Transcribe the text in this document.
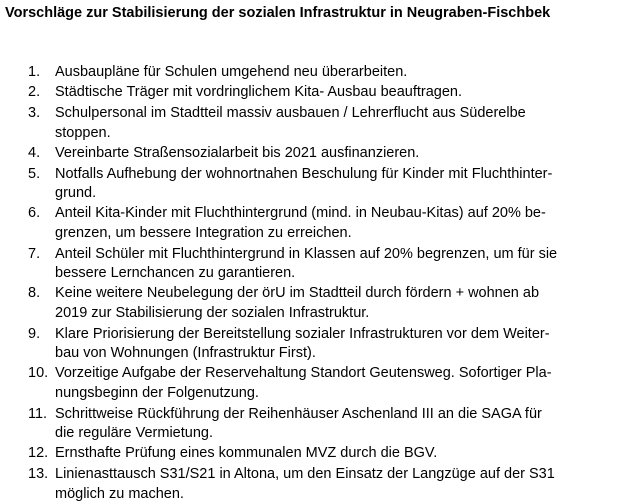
Vorschläge zur Stabilisierung der sozialen Infrastruktur in Neugraben-Fischbek
1. Ausbaupläne für Schulen umgehend neu überarbeiten.
2. Städtische Träger mit vordringlichem Kita- Ausbau beauftragen.
3. Schulpersonal im Stadtteil massiv ausbauen / Lehrerflucht aus Süderelbe
stoppen.
4. Vereinbarte Straßensozialarbeit bis 2021 ausfinanzieren.
5. Notfalls Aufhebung der wohnortnahen Beschulung für Kinder mit Fluchthinter-
grund.
6. Anteil Kita-Kinder mit Fluchthintergrund (mind. in Neubau-Kitas) auf 20% be-
grenzen, um bessere Integration zu erreichen.
7. Anteil Schüler mit Fluchthintergrund in Klassen auf 20% begrenzen, um für sie
bessere Lernchancen zu garantieren.
8. Keine weitere Neubelegung der örU im Stadtteil durch fördern + wohnen ab
2019 zur Stabilisierung der sozialen Infrastruktur.
9. Klare Priorisierung der Bereitstellung sozialer Infrastrukturen vor dem Weiter-
bau von Wohnungen (Infrastruktur First).
10. Vorzeitige Aufgabe der Reservehaltung Standort Geutensweg. Sofortiger Pla-
nungsbeginn der Folgenutzung.
11. Schrittweise Rückführung der Reihenhäuser Aschenland III an die SAGA für
die reguläre Vermietung.
12. Ernsthafte Prüfung eines kommunalen MVZ durch die BGV.
13. Linienasttausch S31/S21 in Altona, um den Einsatz der Langzüge auf der S31
möglich zu machen.
